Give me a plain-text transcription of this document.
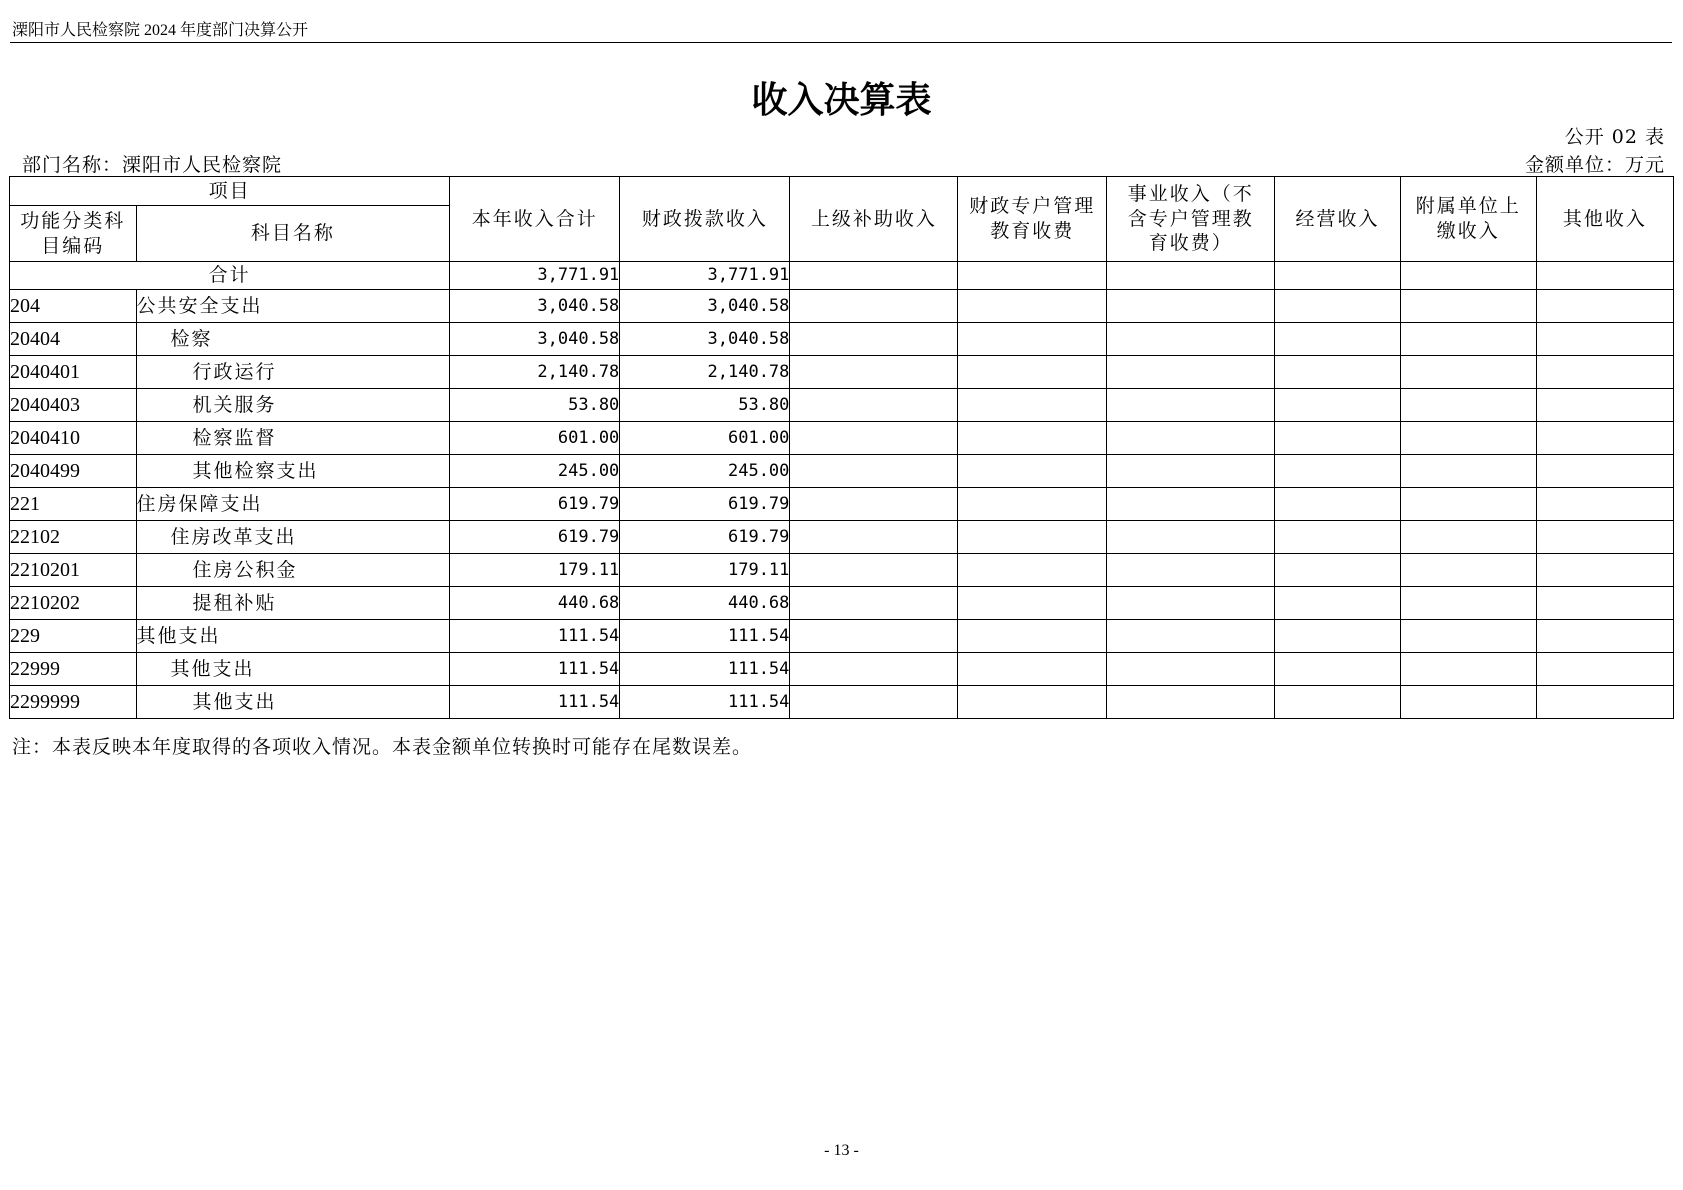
溧阳市人民检察院 2024 年度部门决算公开
收入决算表
公开 02 表
部门名称：溧阳市人民检察院	金额单位：万元
项目		本年收入合计	财政拨款收入	上级补助收入	财政专户管理教育收费	事业收入（不含专户管理教育收费）	经营收入	附属单位上缴收入	其他收入
功能分类科目编码	科目名称								
合计		3,771.91	3,771.91						
204	公共安全支出	3,040.58	3,040.58						
20404	检察	3,040.58	3,040.58						
2040401	行政运行	2,140.78	2,140.78						
2040403	机关服务	53.80	53.80						
2040410	检察监督	601.00	601.00						
2040499	其他检察支出	245.00	245.00						
221	住房保障支出	619.79	619.79						
22102	住房改革支出	619.79	619.79						
2210201	住房公积金	179.11	179.11						
2210202	提租补贴	440.68	440.68						
229	其他支出	111.54	111.54						
22999	其他支出	111.54	111.54						
2299999	其他支出	111.54	111.54						
注：本表反映本年度取得的各项收入情况。本表金额单位转换时可能存在尾数误差。
- 13 -
